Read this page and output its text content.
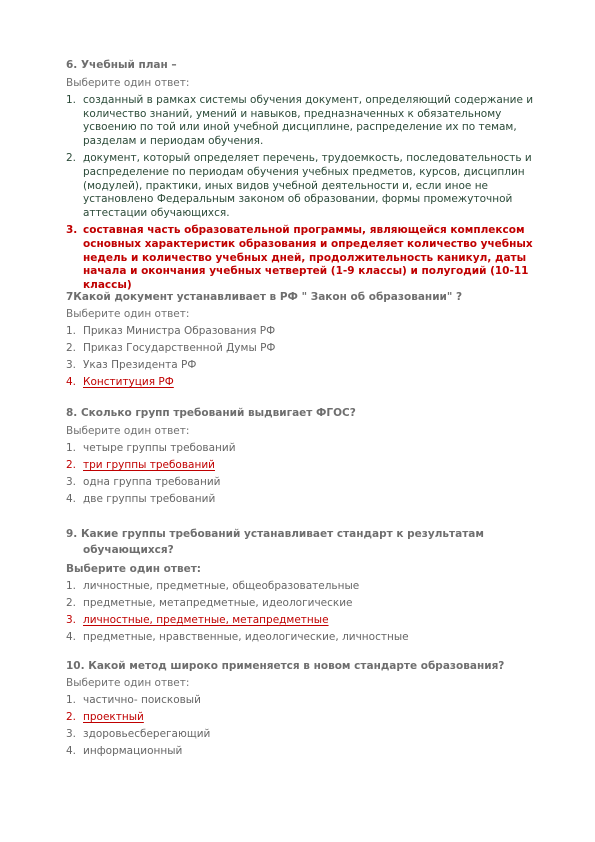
6. Учебный план –

Выберите один ответ:

1. созданный в рамках системы обучения документ, определяющий содержание и количество знаний, умений и навыков, предназначенных к обязательному усвоению по той или иной учебной дисциплине, распределение их по темам, разделам и периодам обучения.
2. документ, который определяет перечень, трудоемкость, последовательность и распределение по периодам обучения учебных предметов, курсов, дисциплин (модулей), практики, иных видов учебной деятельности и, если иное не установлено Федеральным законом об образовании, формы промежуточной аттестации обучающихся.
3. составная часть образовательной программы, являющейся комплексом основных характеристик образования и определяет количество учебных недель и количество учебных дней, продолжительность каникул, даты начала и окончания учебных четвертей (1-9 классы) и полугодий (10-11 классы)

7Какой документ устанавливает в РФ " Закон об образовании" ?

Выберите один ответ:

1. Приказ Министра Образования РФ
2. Приказ Государственной Думы РФ
3. Указ Президента РФ
4. Конституция РФ

8. Сколько групп требований выдвигает ФГОС?

Выберите один ответ:

1. четыре группы требований
2. три группы требований
3. одна группа требований
4. две группы требований

9. Какие группы требований устанавливает стандарт к результатам обучающихся?

Выберите один ответ:

1. личностные, предметные, общеобразовательные
2. предметные, метапредметные, идеологические
3. личностные, предметные, метапредметные
4. предметные, нравственные, идеологические, личностные

10. Какой метод широко применяется в новом стандарте образования?

Выберите один ответ:

1. частично- поисковый
2. проектный
3. здоровьесберегающий
4. информационный
